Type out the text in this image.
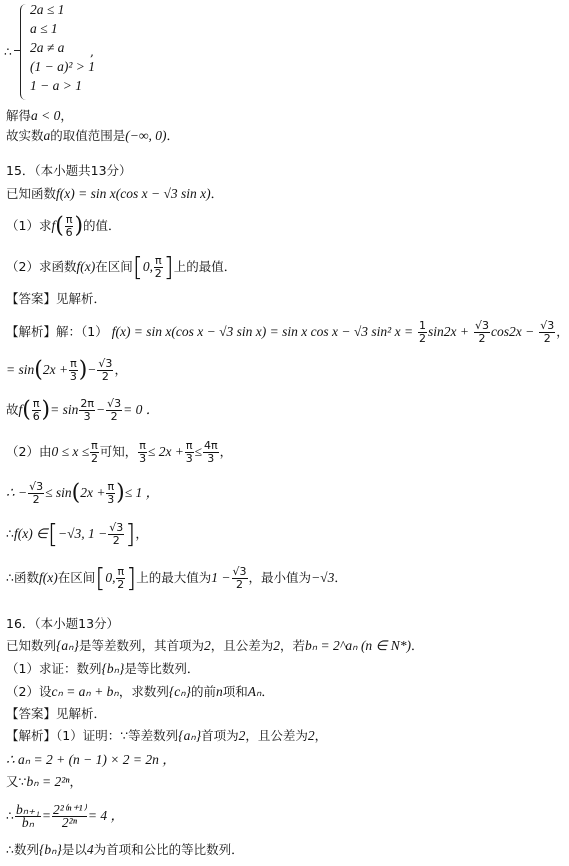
∴
2a ≤ 1
a ≤ 1
2a ≠ a
(1 − a)² > 1
1 − a > 1
,
解得a < 0，
故实数a的取值范围是(−∞, 0)．
15．（本小题共13分）
已知函数f(x) = sin x(cos x − √3 sin x)．
（1）求$f( \frac{\pi}{6}$ )的值．
（2）求函数f(x)在区间[0, $\frac{\pi}{2}$ ]上的最值．
【答案】见解析．
【解析】解：（1） f(x) = sin x(cos x − √3 sin x) = sin x cos x − √3 sin² $x = \frac{1}{2} \sin 2x + \frac{√3}{2} \cos 2x - \frac{√3}{2}$ ，
= $\sin(2x + \frac{\pi}{3}$ )− $\frac{√3}{2}$ ，
故$f( \frac{\pi}{6}$ )= $\sin \frac{2\pi}{3} - \frac{√3}{2} = 0$ ．
（2）由$0 \le x \le \frac{\pi}{2}$ 可知， $\frac{\pi}{3} \le 2x + \frac{\pi}{3} \le \frac{4\pi}{3}$ ，
∴ − $\frac{√3}{2} \le \sin(2x + \frac{\pi}{3}$ )≤ 1 ，
∴f(x) ∈[−√3, $1 - \frac{√3}{2}$ ]，
∴函数f(x)在区间[0, $\frac{\pi}{2}$ ]上的最大值为$1 - \frac{√3}{2}$ ，最小值为−√3．
16．（本小题13分）
已知数列{aₙ}是等差数列，其首项为2，且公差为2，若bₙ = 2^aₙ (n ∈ N*)．
（1）求证：数列{bₙ}是等比数列．
（2）设cₙ = aₙ + bₙ，求数列{cₙ}的前n项和Aₙ．
【答案】见解析．
【解析】（1）证明：∵等差数列{aₙ}首项为2，且公差为2，
∴ aₙ = 2 + (n − 1) × 2 = 2n ，
又∵bₙ = 2²ⁿ，
∴ $\frac{\text{bₙ₊₁}}{\text{bₙ}} = \frac{\text{2²⁽ⁿ⁺¹⁾}}{\text{2²ⁿ}} = 4$ ，
∴数列{bₙ}是以4为首项和公比的等比数列．
